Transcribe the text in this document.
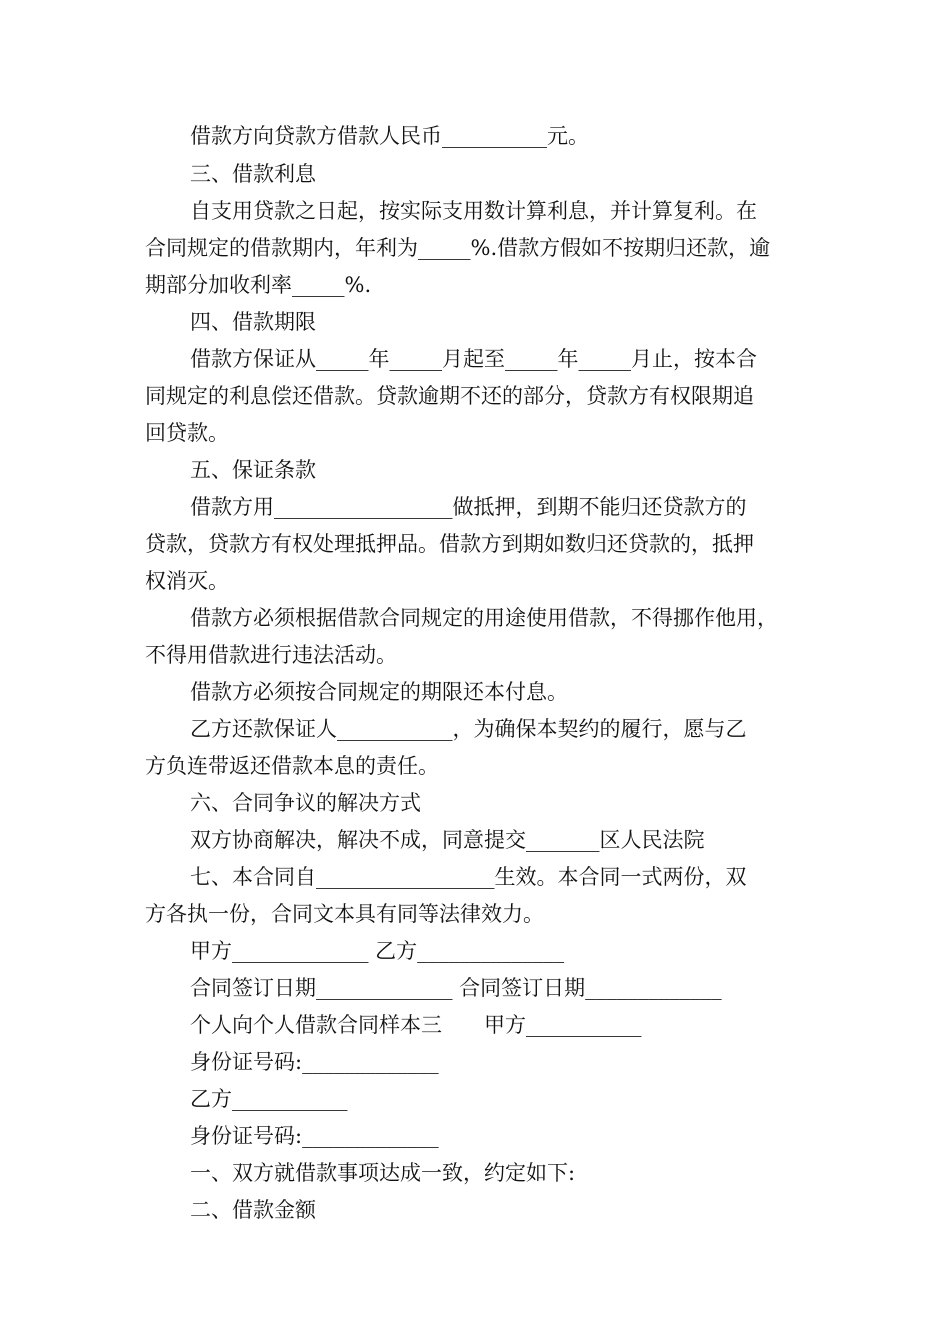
借款方向贷款方借款人民币__________元。
三、借款利息
自支用贷款之日起，按实际支用数计算利息，并计算复利。在
合同规定的借款期内，年利为_____%.借款方假如不按期归还款，逾
期部分加收利率_____%.
四、借款期限
借款方保证从_____年_____月起至_____年_____月止，按本合
同规定的利息偿还借款。贷款逾期不还的部分，贷款方有权限期追
回贷款。
五、保证条款
借款方用_________________做抵押，到期不能归还贷款方的
贷款，贷款方有权处理抵押品。借款方到期如数归还贷款的，抵押
权消灭。
借款方必须根据借款合同规定的用途使用借款，不得挪作他用，
不得用借款进行违法活动。
借款方必须按合同规定的期限还本付息。
乙方还款保证人___________，为确保本契约的履行，愿与乙
方负连带返还借款本息的责任。
六、合同争议的解决方式
双方协商解决，解决不成，同意提交_______区人民法院
七、本合同自_________________生效。本合同一式两份，双
方各执一份，合同文本具有同等法律效力。
甲方_____________ 乙方______________
合同签订日期_____________ 合同签订日期_____________
个人向个人借款合同样本三　　甲方___________
身份证号码:_____________
乙方___________
身份证号码:_____________
一、双方就借款事项达成一致，约定如下:
二、借款金额
